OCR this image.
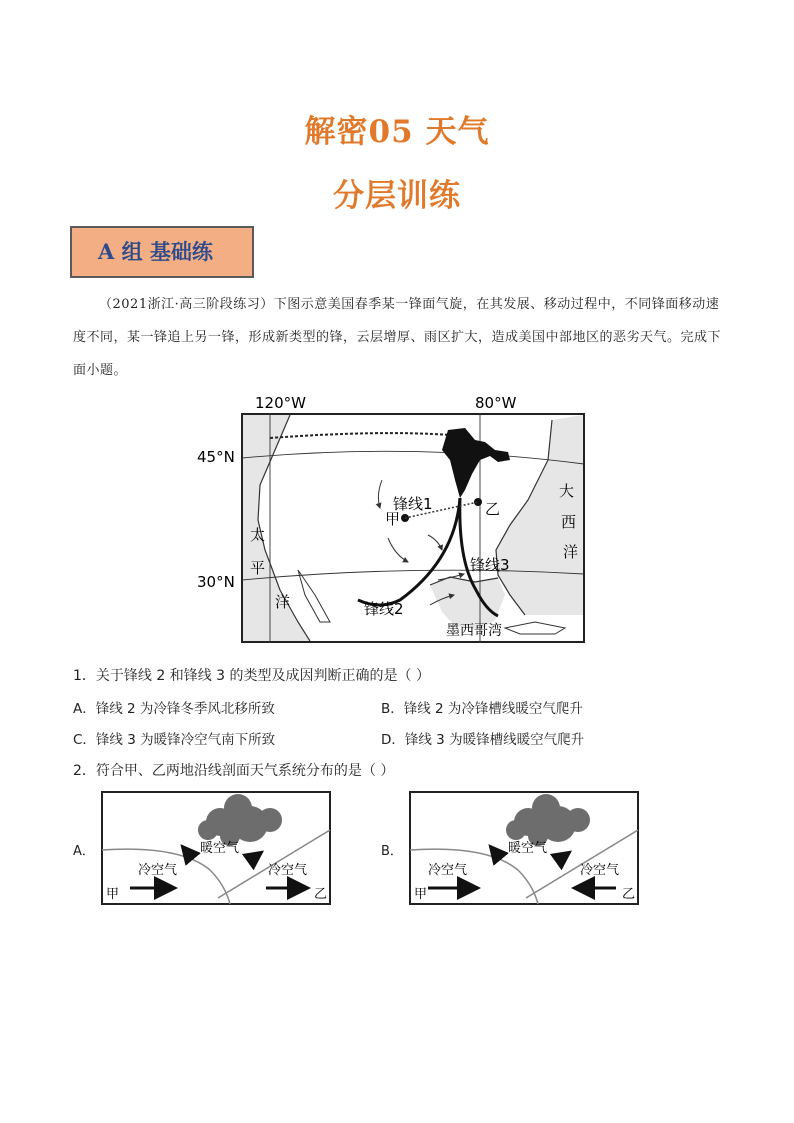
解密05 天气
分层训练
A 组 基础练
（2021浙江·高三阶段练习）下图示意美国春季某一锋面气旋，在其发展、移动过程中，不同锋面移动速度不同，某一锋追上另一锋，形成新类型的锋，云层增厚、雨区扩大，造成美国中部地区的恶劣天气。完成下面小题。
120°W	80°W
45°N
30°N
太
平
洋
大
西
洋
墨西哥湾
锋线1
锋线2
锋线3
甲
乙
1．关于锋线 2 和锋线 3 的类型及成因判断正确的是（ ）
A．锋线 2 为冷锋冬季风北移所致	B．锋线 2 为冷锋槽线暖空气爬升
C．锋线 3 为暖锋冷空气南下所致	D．锋线 3 为暖锋槽线暖空气爬升
2．符合甲、乙两地沿线剖面天气系统分布的是（ ）
A．	B．
暖空气
冷空气	冷空气
甲	乙
暖空气
冷空气	冷空气
甲	乙
